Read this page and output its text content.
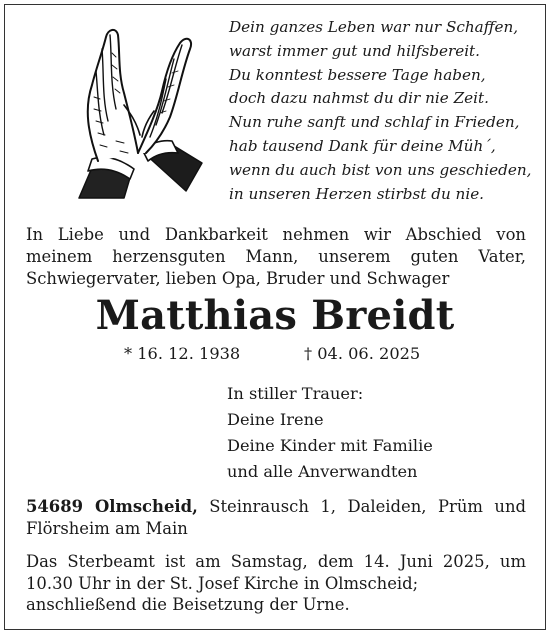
Dein ganzes Leben war nur Schaffen,
warst immer gut und hilfsbereit.
Du konntest bessere Tage haben,
doch dazu nahmst du dir nie Zeit.
Nun ruhe sanft und schlaf in Frieden,
hab tausend Dank für deine Müh´,
wenn du auch bist von uns geschieden,
in unseren Herzen stirbst du nie.
In Liebe und Dankbarkeit nehmen wir Abschied von
meinem herzensguten Mann, unserem guten Vater,
Schwiegervater, lieben Opa, Bruder und Schwager
Matthias Breidt
* 16. 12. 1938	† 04. 06. 2025
In stiller Trauer:
Deine Irene
Deine Kinder mit Familie
und alle Anverwandten
54689 Olmscheid, Steinrausch 1, Daleiden, Prüm und
Flörsheim am Main
Das Sterbeamt ist am Samstag, dem 14. Juni 2025, um
10.30 Uhr in der St. Josef Kirche in Olmscheid;
anschließend die Beisetzung der Urne.
